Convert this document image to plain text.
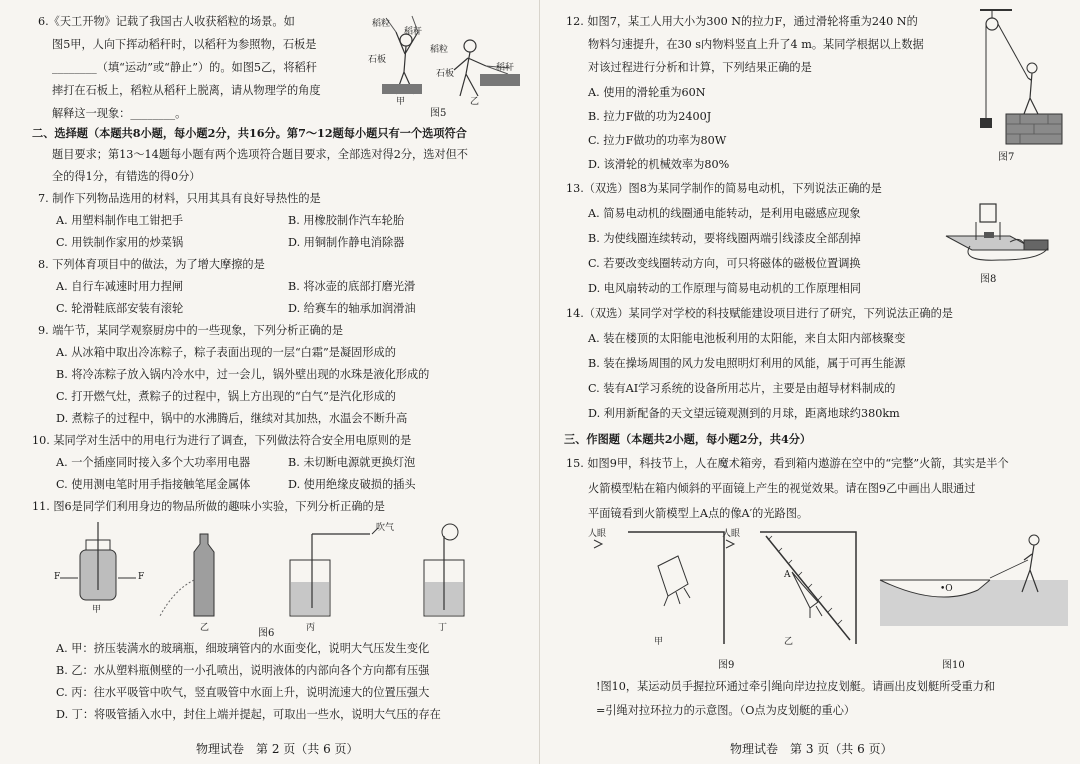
6.《天工开物》记载了我国古人收获稻粒的场景。如
图5甲，人向下挥动稻秆时，以稻秆为参照物，石板是
________（填“运动”或“静止”）的。如图5乙，将稻秆
摔打在石板上，稻粒从稻秆上脱离，请从物理学的角度
解释这一现象：________。
稻粒
稻秆
石板
稻粒
石板
稻秆
甲	乙
图5
二、选择题（本题共8小题，每小题2分，共16分。第7～12题每小题只有一个选项符合
题目要求；第13～14题每小题有两个选项符合题目要求，全部选对得2分，选对但不
全的得1分，有错选的得0分）
7. 制作下列物品选用的材料，只用其具有良好导热性的是
A. 用塑料制作电工钳把手	B. 用橡胶制作汽车轮胎
C. 用铁制作家用的炒菜锅	D. 用铜制作静电消除器
8. 下列体育项目中的做法，为了增大摩擦的是
A. 自行车减速时用力捏闸	B. 将冰壶的底部打磨光滑
C. 轮滑鞋底部安装有滚轮	D. 给赛车的轴承加润滑油
9. 端午节，某同学观察厨房中的一些现象，下列分析正确的是
A. 从冰箱中取出冷冻粽子，粽子表面出现的一层“白霜”是凝固形成的
B. 将冷冻粽子放入锅内冷水中，过一会儿，锅外壁出现的水珠是液化形成的
C. 打开燃气灶，煮粽子的过程中，锅上方出现的“白气”是汽化形成的
D. 煮粽子的过程中，锅中的水沸腾后，继续对其加热，水温会不断升高
10. 某同学对生活中的用电行为进行了调查，下列做法符合安全用电原则的是
A. 一个插座同时接入多个大功率用电器	B. 未切断电源就更换灯泡
C. 使用测电笔时用手指接触笔尾金属体	D. 使用绝缘皮破损的插头
11. 图6是同学们利用身边的物品所做的趣味小实验，下列分析正确的是
F	F
吹气
甲
乙	丙	丁
图6
A. 甲：挤压装满水的玻璃瓶，细玻璃管内的水面变化，说明大气压发生变化
B. 乙：水从塑料瓶侧壁的一小孔喷出，说明液体的内部向各个方向都有压强
C. 丙：往水平吸管中吹气，竖直吸管中水面上升，说明流速大的位置压强大
D. 丁：将吸管插入水中，封住上端并提起，可取出一些水，说明大气压的存在
物理试卷　第 2 页（共 6 页）
12. 如图7，某工人用大小为300 N的拉力F，通过滑轮将重为240 N的
物料匀速提升，在30 s内物料竖直上升了4 m。某同学根据以上数据
对该过程进行分析和计算，下列结果正确的是
A. 使用的滑轮重为60N
B. 拉力F做的功为2400J
C. 拉力F做功的功率为80W
D. 该滑轮的机械效率为80%
图7
13.（双选）图8为某同学制作的简易电动机，下列说法正确的是
A. 简易电动机的线圈通电能转动，是利用电磁感应现象
B. 为使线圈连续转动，要将线圈两端引线漆皮全部刮掉
C. 若要改变线圈转动方向，可只将磁体的磁极位置调换
D. 电风扇转动的工作原理与简易电动机的工作原理相同
图8
14.（双选）某同学对学校的科技赋能建设项目进行了研究，下列说法正确的是
A. 装在楼顶的太阳能电池板利用的太阳能，来自太阳内部核聚变
B. 装在操场周围的风力发电照明灯利用的风能，属于可再生能源
C. 装有AI学习系统的设备所用芯片，主要是由超导材料制成的
D. 利用新配备的天文望远镜观测到的月球，距离地球约380km
三、作图题（本题共2小题，每小题2分，共4分）
15. 如图9甲，科技节上，人在魔术箱旁，看到箱内遨游在空中的“完整”火箭，其实是半个
火箭模型粘在箱内倾斜的平面镜上产生的视觉效果。请在图9乙中画出人眼通过
平面镜看到火箭模型上A点的像A′的光路图。
人眼	人眼
A
甲	乙
图9
•O
图10
!图10，某运动员手握拉环通过牵引绳向岸边拉皮划艇。请画出皮划艇所受重力和
=引绳对拉环拉力的示意图。（O点为皮划艇的重心）
物理试卷　第 3 页（共 6 页）
